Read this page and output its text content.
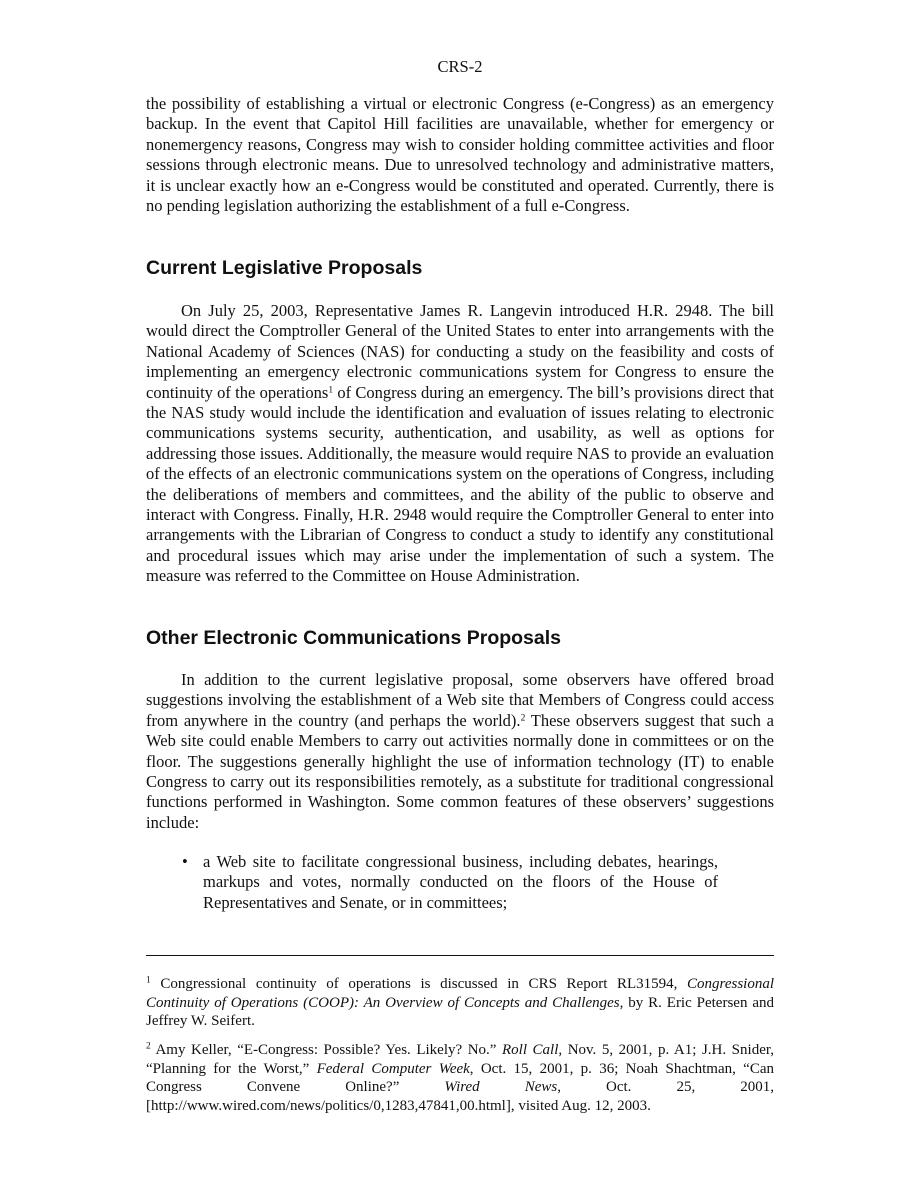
CRS-2

the possibility of establishing a virtual or electronic Congress (e-Congress) as an emergency backup. In the event that Capitol Hill facilities are unavailable, whether for emergency or nonemergency reasons, Congress may wish to consider holding committee activities and floor sessions through electronic means. Due to unresolved technology and administrative matters, it is unclear exactly how an e-Congress would be constituted and operated. Currently, there is no pending legislation authorizing the establishment of a full e-Congress.

Current Legislative Proposals

On July 25, 2003, Representative James R. Langevin introduced H.R. 2948. The bill would direct the Comptroller General of the United States to enter into arrangements with the National Academy of Sciences (NAS) for conducting a study on the feasibility and costs of implementing an emergency electronic communications system for Congress to ensure the continuity of the operations$^1$ of Congress during an emergency. The bill’s provisions direct that the NAS study would include the identification and evaluation of issues relating to electronic communications systems security, authentication, and usability, as well as options for addressing those issues. Additionally, the measure would require NAS to provide an evaluation of the effects of an electronic communications system on the operations of Congress, including the deliberations of members and committees, and the ability of the public to observe and interact with Congress. Finally, H.R. 2948 would require the Comptroller General to enter into arrangements with the Librarian of Congress to conduct a study to identify any constitutional and procedural issues which may arise under the implementation of such a system. The measure was referred to the Committee on House Administration.

Other Electronic Communications Proposals

In addition to the current legislative proposal, some observers have offered broad suggestions involving the establishment of a Web site that Members of Congress could access from anywhere in the country (and perhaps the world).$^2$ These observers suggest that such a Web site could enable Members to carry out activities normally done in committees or on the floor. The suggestions generally highlight the use of information technology (IT) to enable Congress to carry out its responsibilities remotely, as a substitute for traditional congressional functions performed in Washington. Some common features of these observers’ suggestions include:

• a Web site to facilitate congressional business, including debates, hearings, markups and votes, normally conducted on the floors of the House of Representatives and Senate, or in committees;

$^1$ Congressional continuity of operations is discussed in CRS Report RL31594, Congressional Continuity of Operations (COOP): An Overview of Concepts and Challenges, by R. Eric Petersen and Jeffrey W. Seifert.

$^2$ Amy Keller, “E-Congress: Possible? Yes. Likely? No.” Roll Call, Nov. 5, 2001, p. A1; J.H. Snider, “Planning for the Worst,” Federal Computer Week, Oct. 15, 2001, p. 36; Noah Shachtman, “Can Congress Convene Online?” Wired News, Oct. 25, 2001, [http://www.wired.com/news/politics/0,1283,47841,00.html], visited Aug. 12, 2003.
